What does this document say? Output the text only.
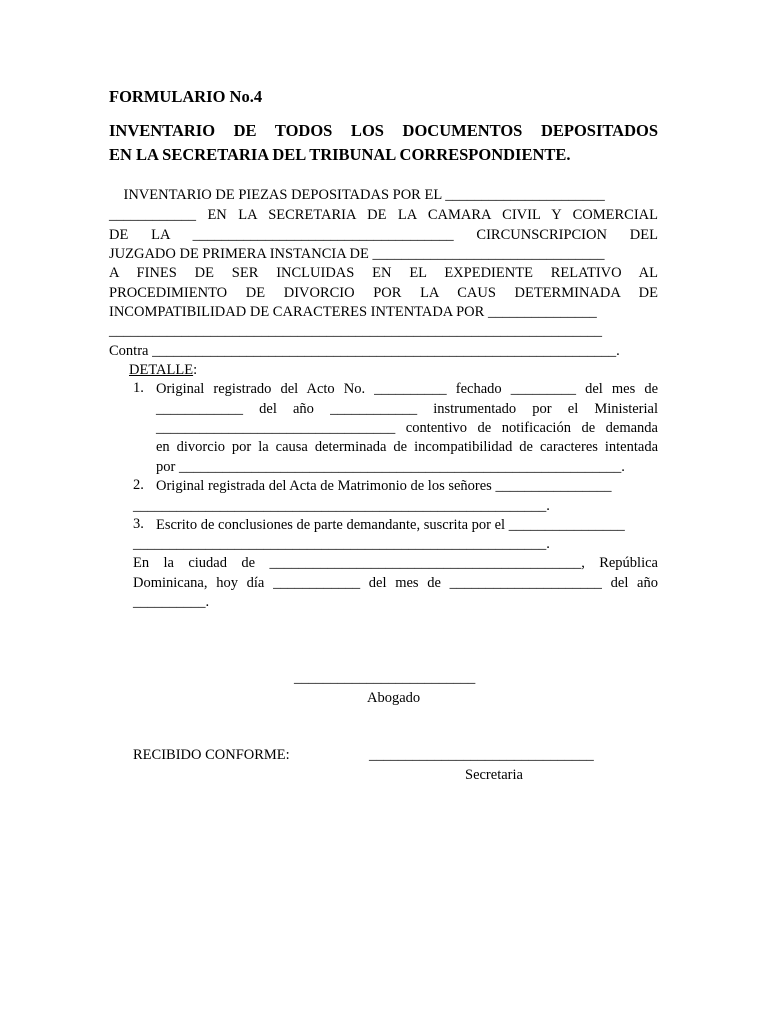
FORMULARIO No.4
INVENTARIO DE TODOS LOS DOCUMENTOS DEPOSITADOS
EN LA SECRETARIA DEL TRIBUNAL CORRESPONDIENTE.
INVENTARIO DE PIEZAS DEPOSITADAS POR EL ______________________
____________ EN LA SECRETARIA DE LA CAMARA CIVIL Y COMERCIAL
DE LA ____________________________________ CIRCUNSCRIPCION DEL
JUZGADO DE PRIMERA INSTANCIA DE ________________________________
A FINES DE SER INCLUIDAS EN EL EXPEDIENTE RELATIVO AL
PROCEDIMIENTO DE DIVORCIO POR LA CAUS DETERMINADA DE
INCOMPATIBILIDAD DE CARACTERES INTENTADA POR _______________
____________________________________________________________________
Contra ________________________________________________________________.
DETALLE:
1. Original registrado del Acto No. __________ fechado _________ del mes de
____________ del año ____________ instrumentado por el Ministerial
_________________________________ contentivo de notificación de demanda
en divorcio por la causa determinada de incompatibilidad de caracteres intentada
por _____________________________________________________________.
2. Original registrada del Acta de Matrimonio de los señores ________________
_________________________________________________________.
3. Escrito de conclusiones de parte demandante, suscrita por el ________________
_________________________________________________________.
En la ciudad de ___________________________________________, República
Dominicana, hoy día ____________ del mes de _____________________ del año
__________.
_________________________
Abogado
RECIBIDO CONFORME:	_______________________________
Secretaria
